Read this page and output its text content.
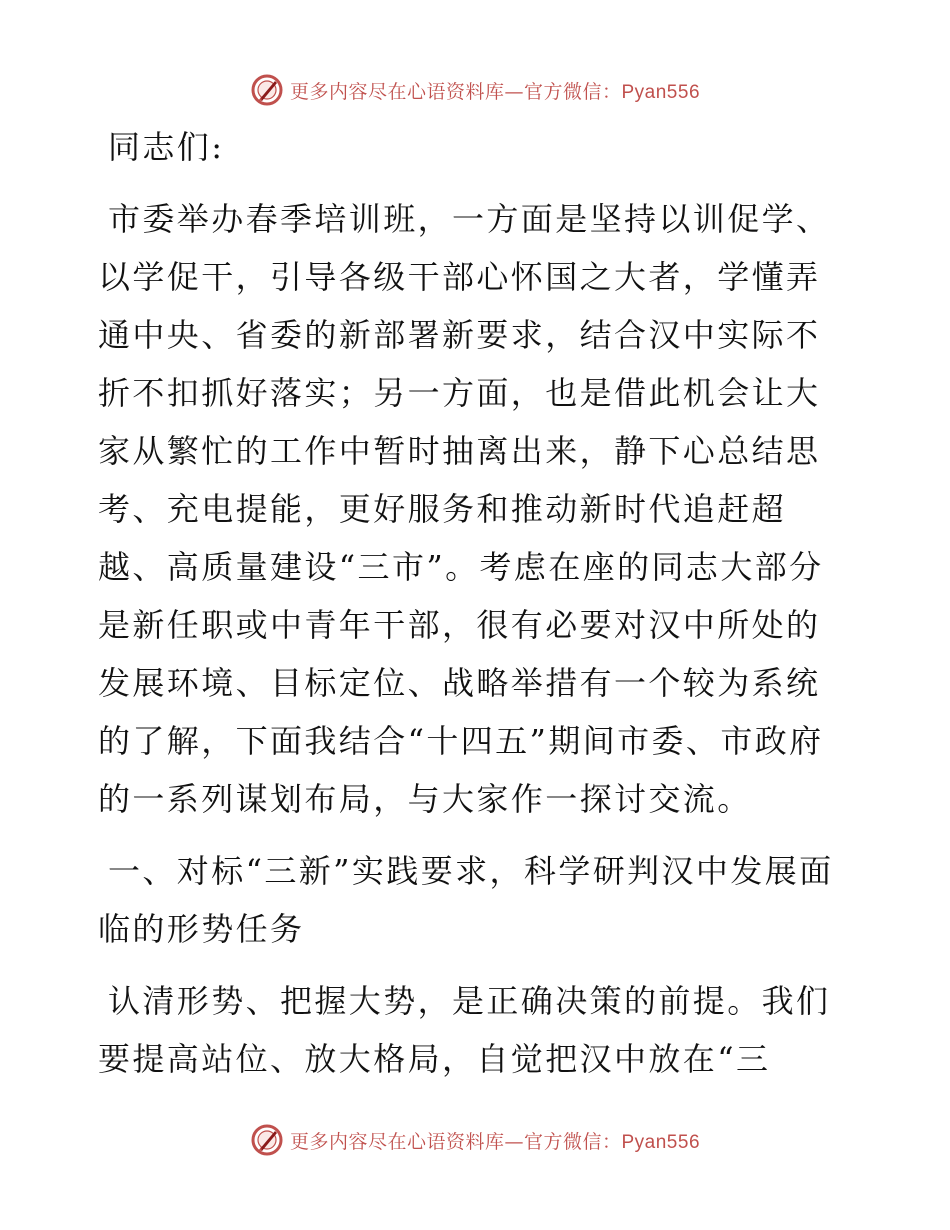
更多内容尽在心语资料库—官方微信：Pyan556

同志们:

市委举办春季培训班，一方面是坚持以训促学、以学促干，引导各级干部心怀国之大者，学懂弄通中央、省委的新部署新要求，结合汉中实际不折不扣抓好落实；另一方面，也是借此机会让大家从繁忙的工作中暂时抽离出来，静下心总结思考、充电提能，更好服务和推动新时代追赶超越、高质量建设“三市”。考虑在座的同志大部分是新任职或中青年干部，很有必要对汉中所处的发展环境、目标定位、战略举措有一个较为系统的了解，下面我结合“十四五”期间市委、市政府的一系列谋划布局，与大家作一探讨交流。

一、对标“三新”实践要求，科学研判汉中发展面临的形势任务

认清形势、把握大势，是正确决策的前提。我们要提高站位、放大格局，自觉把汉中放在“三

更多内容尽在心语资料库—官方微信：Pyan556
